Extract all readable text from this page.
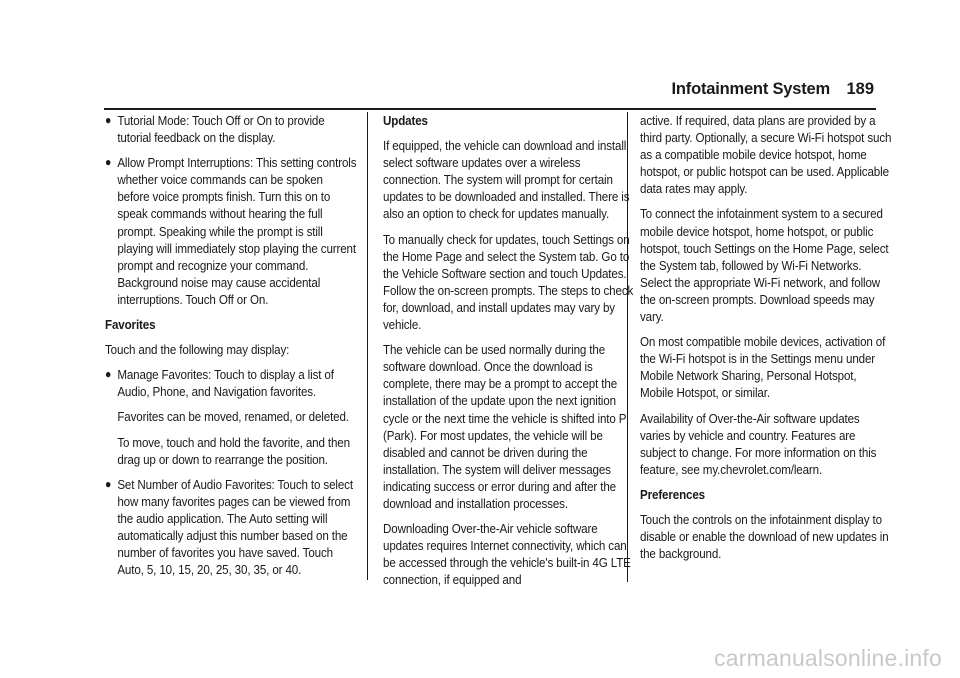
Infotainment System 189
● Tutorial Mode: Touch Off or On to provide tutorial feedback on the display.
● Allow Prompt Interruptions: This setting controls whether voice commands can be spoken before voice prompts finish. Turn this on to speak commands without hearing the full prompt. Speaking while the prompt is still playing will immediately stop playing the current prompt and recognize your command. Background noise may cause accidental interruptions. Touch Off or On.

Favorites

Touch and the following may display:

● Manage Favorites: Touch to display a list of Audio, Phone, and Navigation favorites.

Favorites can be moved, renamed, or deleted.

To move, touch and hold the favorite, and then drag up or down to rearrange the position.

● Set Number of Audio Favorites: Touch to select how many favorites pages can be viewed from the audio application. The Auto setting will automatically adjust this number based on the number of favorites you have saved. Touch Auto, 5, 10, 15, 20, 25, 30, 35, or 40.

Updates

If equipped, the vehicle can download and install select software updates over a wireless connection. The system will prompt for certain updates to be downloaded and installed. There is also an option to check for updates manually.

To manually check for updates, touch Settings on the Home Page and select the System tab. Go to the Vehicle Software section and touch Updates. Follow the on-screen prompts. The steps to check for, download, and install updates may vary by vehicle.

The vehicle can be used normally during the software download. Once the download is complete, there may be a prompt to accept the installation of the update upon the next ignition cycle or the next time the vehicle is shifted into P (Park). For most updates, the vehicle will be disabled and cannot be driven during the installation. The system will deliver messages indicating success or error during and after the download and installation processes.

Downloading Over-the-Air vehicle software updates requires Internet connectivity, which can be accessed through the vehicle's built-in 4G LTE connection, if equipped and

active. If required, data plans are provided by a third party. Optionally, a secure Wi-Fi hotspot such as a compatible mobile device hotspot, home hotspot, or public hotspot can be used. Applicable data rates may apply.

To connect the infotainment system to a secured mobile device hotspot, home hotspot, or public hotspot, touch Settings on the Home Page, select the System tab, followed by Wi-Fi Networks. Select the appropriate Wi-Fi network, and follow the on-screen prompts. Download speeds may vary.

On most compatible mobile devices, activation of the Wi-Fi hotspot is in the Settings menu under Mobile Network Sharing, Personal Hotspot, Mobile Hotspot, or similar.

Availability of Over-the-Air software updates varies by vehicle and country. Features are subject to change. For more information on this feature, see my.chevrolet.com/learn.

Preferences

Touch the controls on the infotainment display to disable or enable the download of new updates in the background.

carmanualsonline.info
